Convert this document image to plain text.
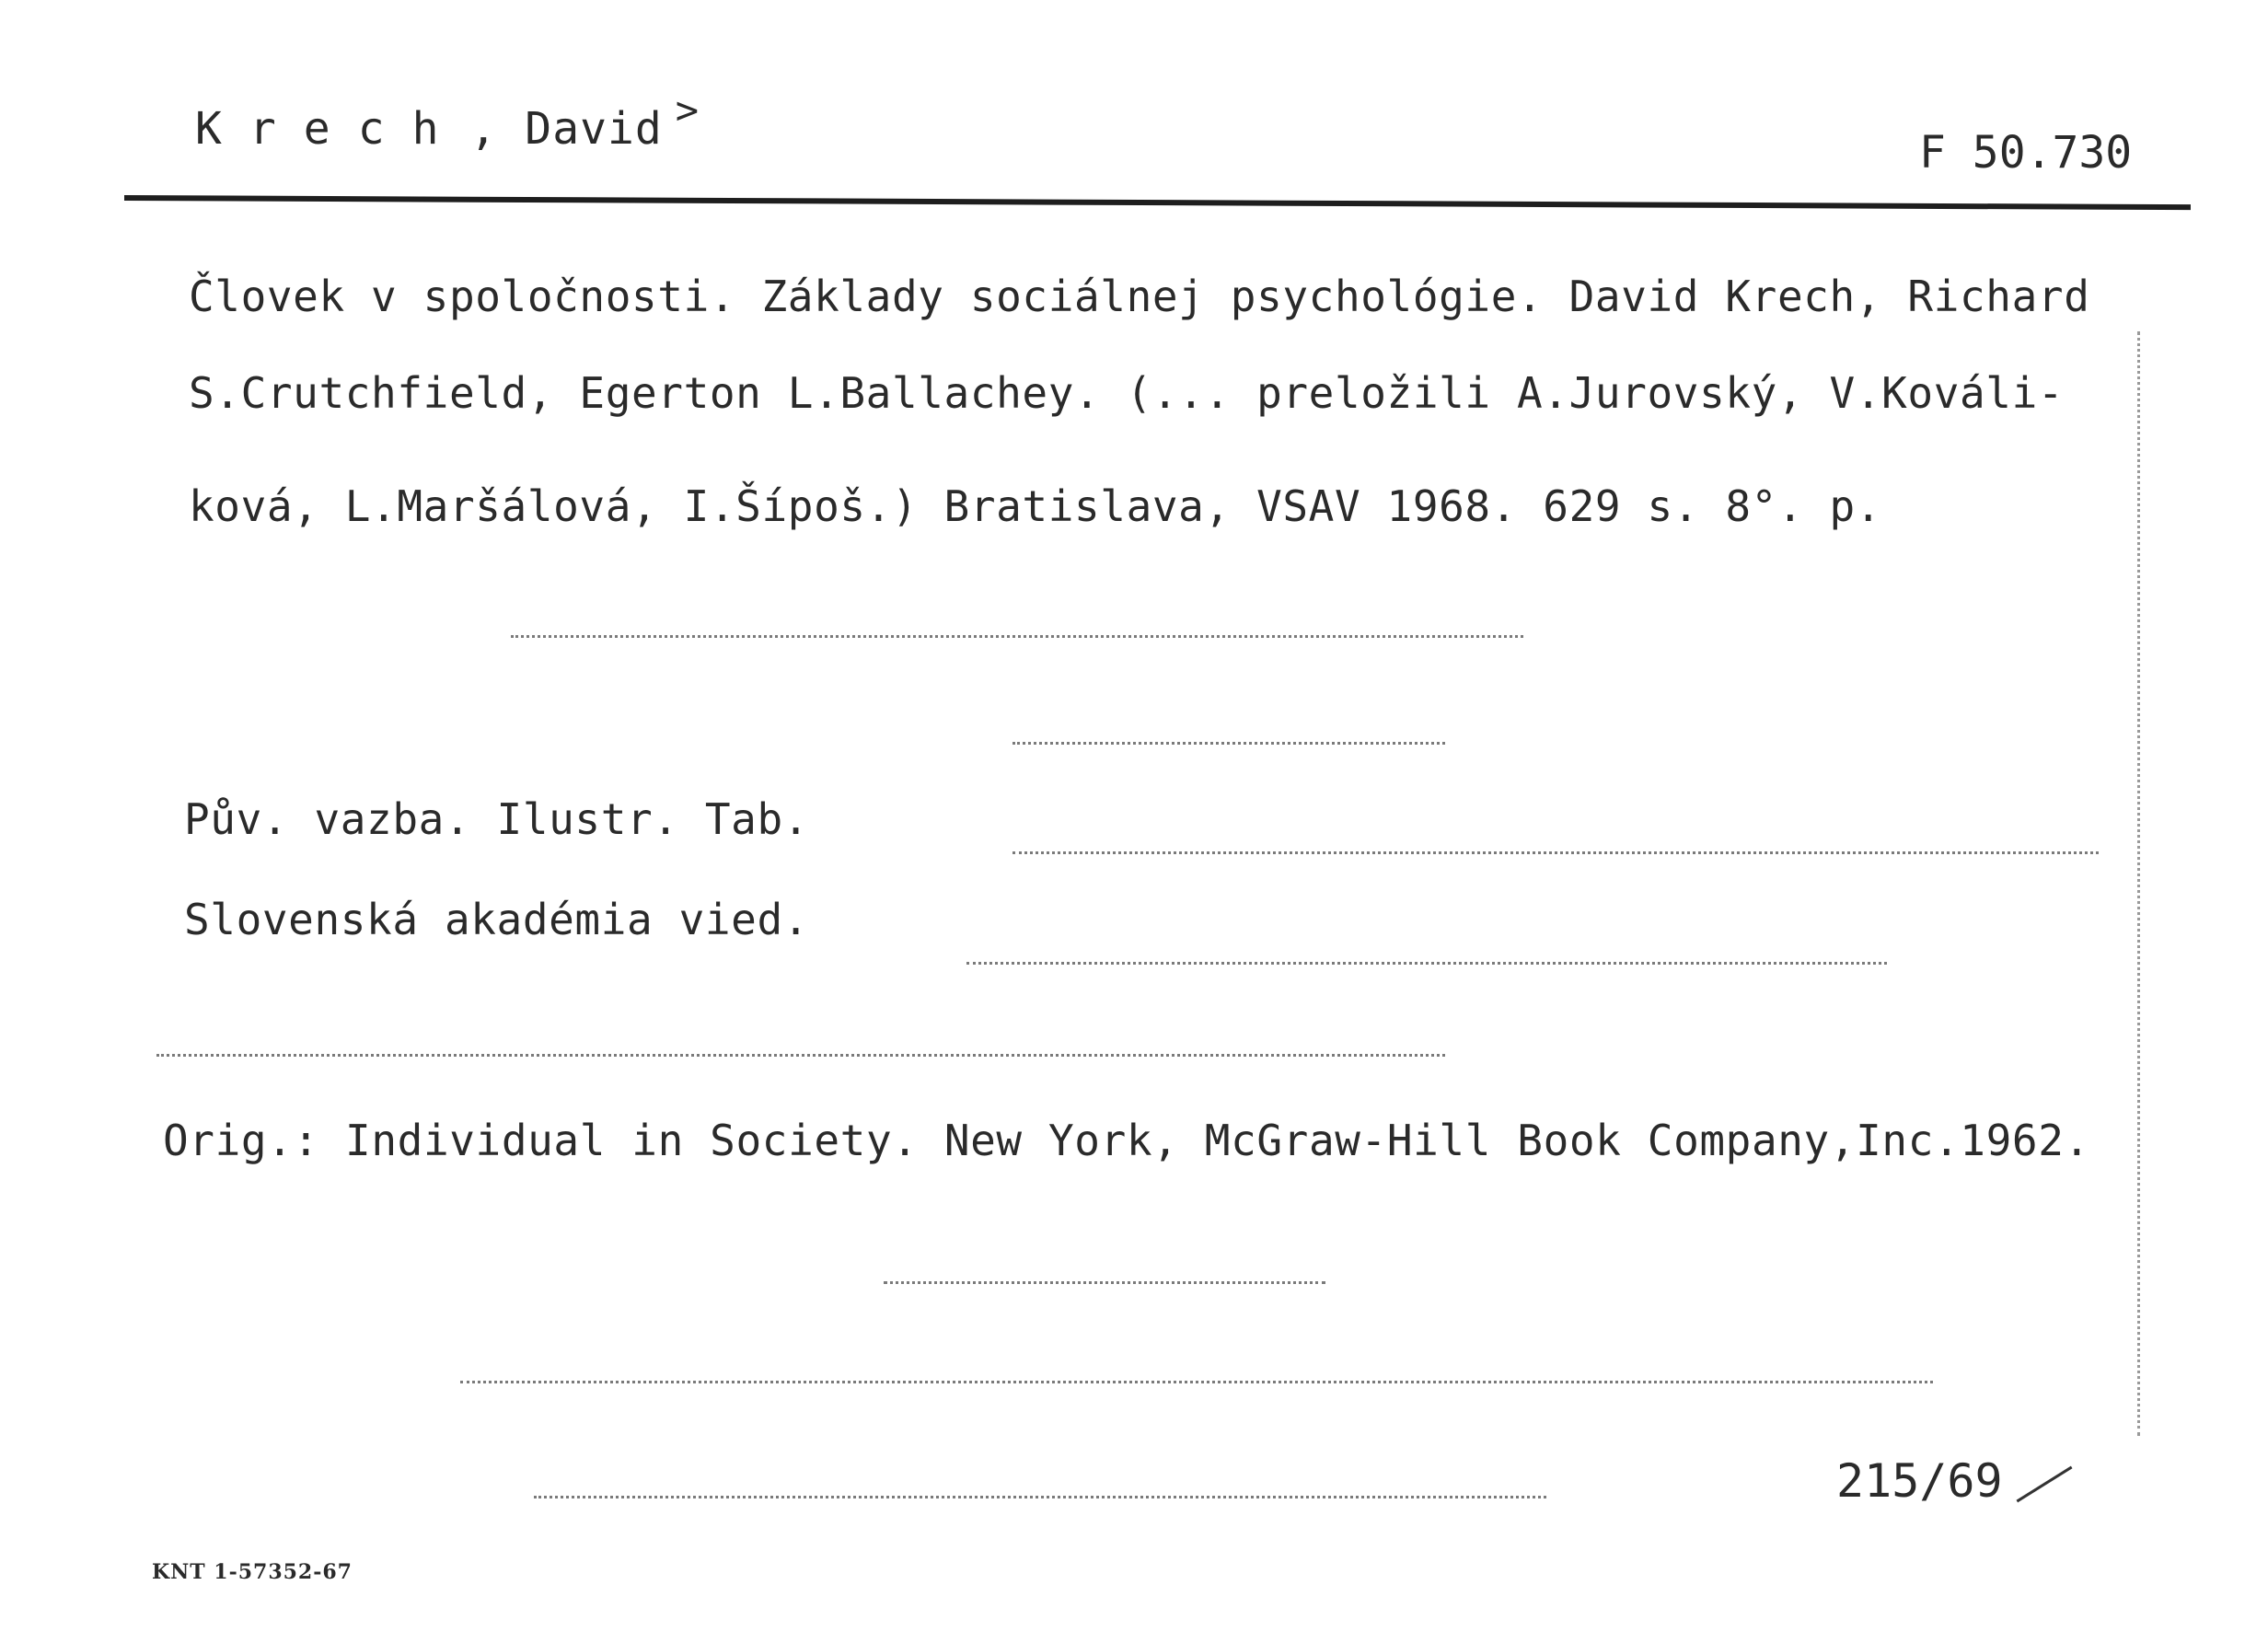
Krech, David >
F 50.730
Človek v spoločnosti. Základy sociálnej psychológie. David Krech, Richard
S.Crutchfield, Egerton L.Ballachey. (... preložili A.Jurovský, V.Kováli-
ková, L.Maršálová, I.Šípoš.) Bratislava, VSAV 1968. 629 s. 8°. p.
Pův. vazba. Ilustr. Tab.
Slovenská akadémia vied.
Orig.: Individual in Society. New York, McGraw-Hill Book Company,Inc.1962.
215/69
KNT 1-57352-67
